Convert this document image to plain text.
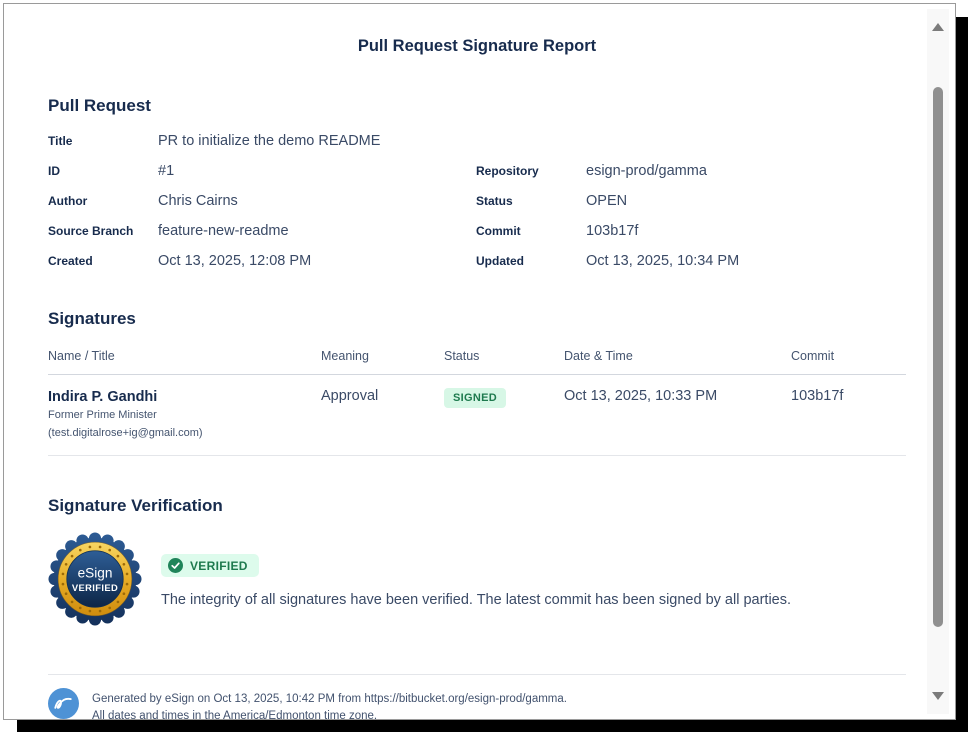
Pull Request Signature Report
Pull Request
Title	PR to initialize the demo README
ID	#1	Repository	esign-prod/gamma
Author	Chris Cairns	Status	OPEN
Source Branch	feature-new-readme	Commit	103b17f
Created	Oct 13, 2025, 12:08 PM	Updated	Oct 13, 2025, 10:34 PM
Signatures
Name / Title	Meaning	Status	Date & Time	Commit

Indira P. Gandhi
Former Prime Minister
(test.digitalrose+ig@gmail.com)	Approval	SIGNED	Oct 13, 2025, 10:33 PM	103b17f
Signature Verification
eSign
VERIFIED
VERIFIED
The integrity of all signatures have been verified. The latest commit has been signed by all parties.
Generated by eSign on Oct 13, 2025, 10:42 PM from https://bitbucket.org/esign-prod/gamma.
All dates and times in the America/Edmonton time zone.
